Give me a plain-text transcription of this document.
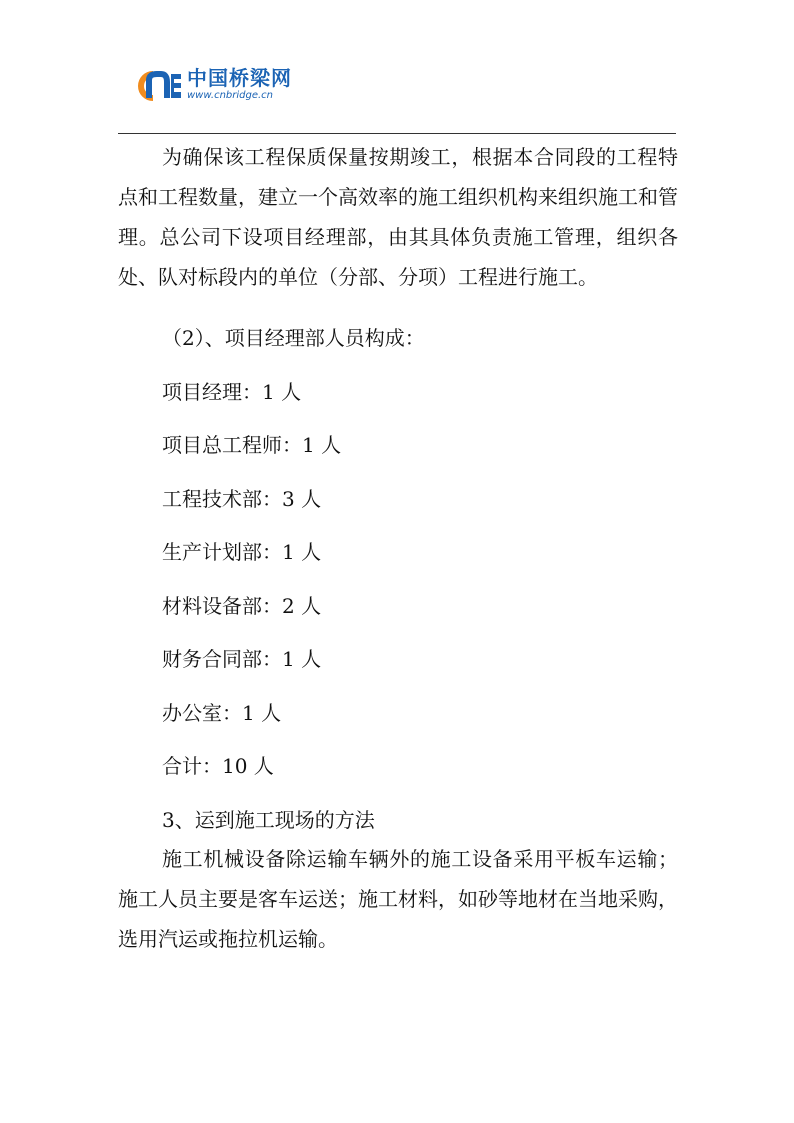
中国桥梁网
www.cnbridge.cn

为确保该工程保质保量按期竣工，根据本合同段的工程特点和工程数量，建立一个高效率的施工组织机构来组织施工和管理。总公司下设项目经理部，由其具体负责施工管理，组织各处、队对标段内的单位（分部、分项）工程进行施工。

（2）、项目经理部人员构成：

项目经理：1 人

项目总工程师：1 人

工程技术部：3 人

生产计划部：1 人

材料设备部：2 人

财务合同部：1 人

办公室：1 人

合计：10 人

3、运到施工现场的方法

施工机械设备除运输车辆外的施工设备采用平板车运输；施工人员主要是客车运送；施工材料，如砂等地材在当地采购，选用汽运或拖拉机运输。
